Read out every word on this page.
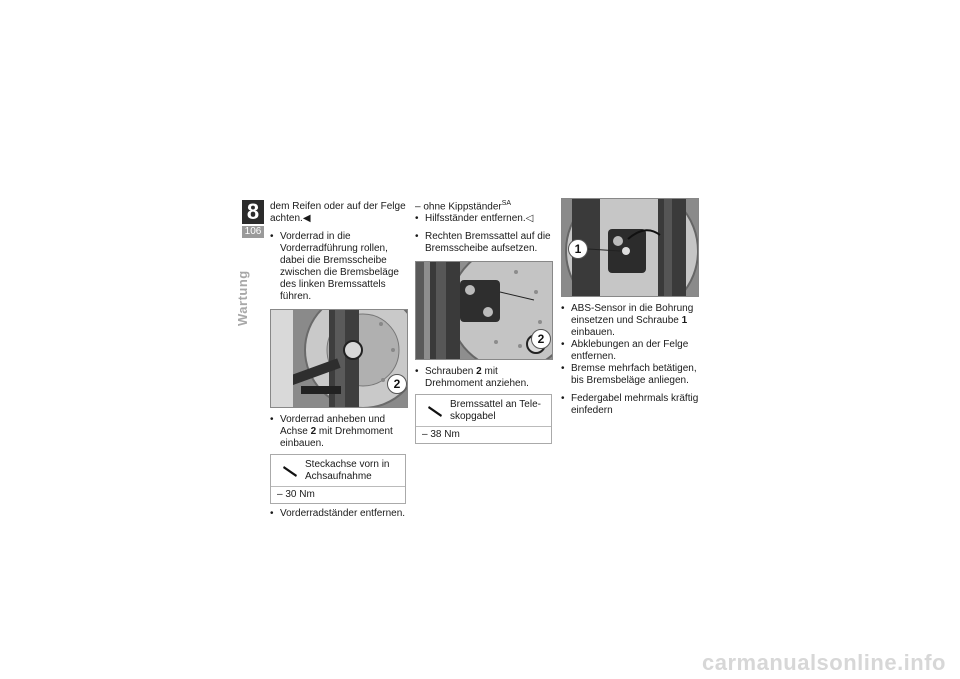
8
106
Wartung

dem Reifen oder auf der Felge
achten.◀

• Vorderrad in die Vorderradführung rollen, dabei die Bremsscheibe zwischen die Bremsbeläge des linken Bremssattels führen.

2

• Vorderrad anheben und Achse 2 mit Drehmoment einbauen.

Steckachse vorn in Achsaufnahme
– 30 Nm

• Vorderradständer entfernen.

– ohne Kippständer$^{SA}$

• Hilfsständer entfernen.◁

• Rechten Bremssattel auf die Bremsscheibe aufsetzen.

2

• Schrauben 2 mit Drehmoment anziehen.

Bremssattel an Teleskopgabel
– 38 Nm
1

• ABS-Sensor in die Bohrung einsetzen und Schraube 1 einbauen.

• Abklebungen an der Felge entfernen.

• Bremse mehrfach betätigen, bis Bremsbeläge anliegen.

• Federgabel mehrmals kräftig einfedern

carmanualsonline.info
